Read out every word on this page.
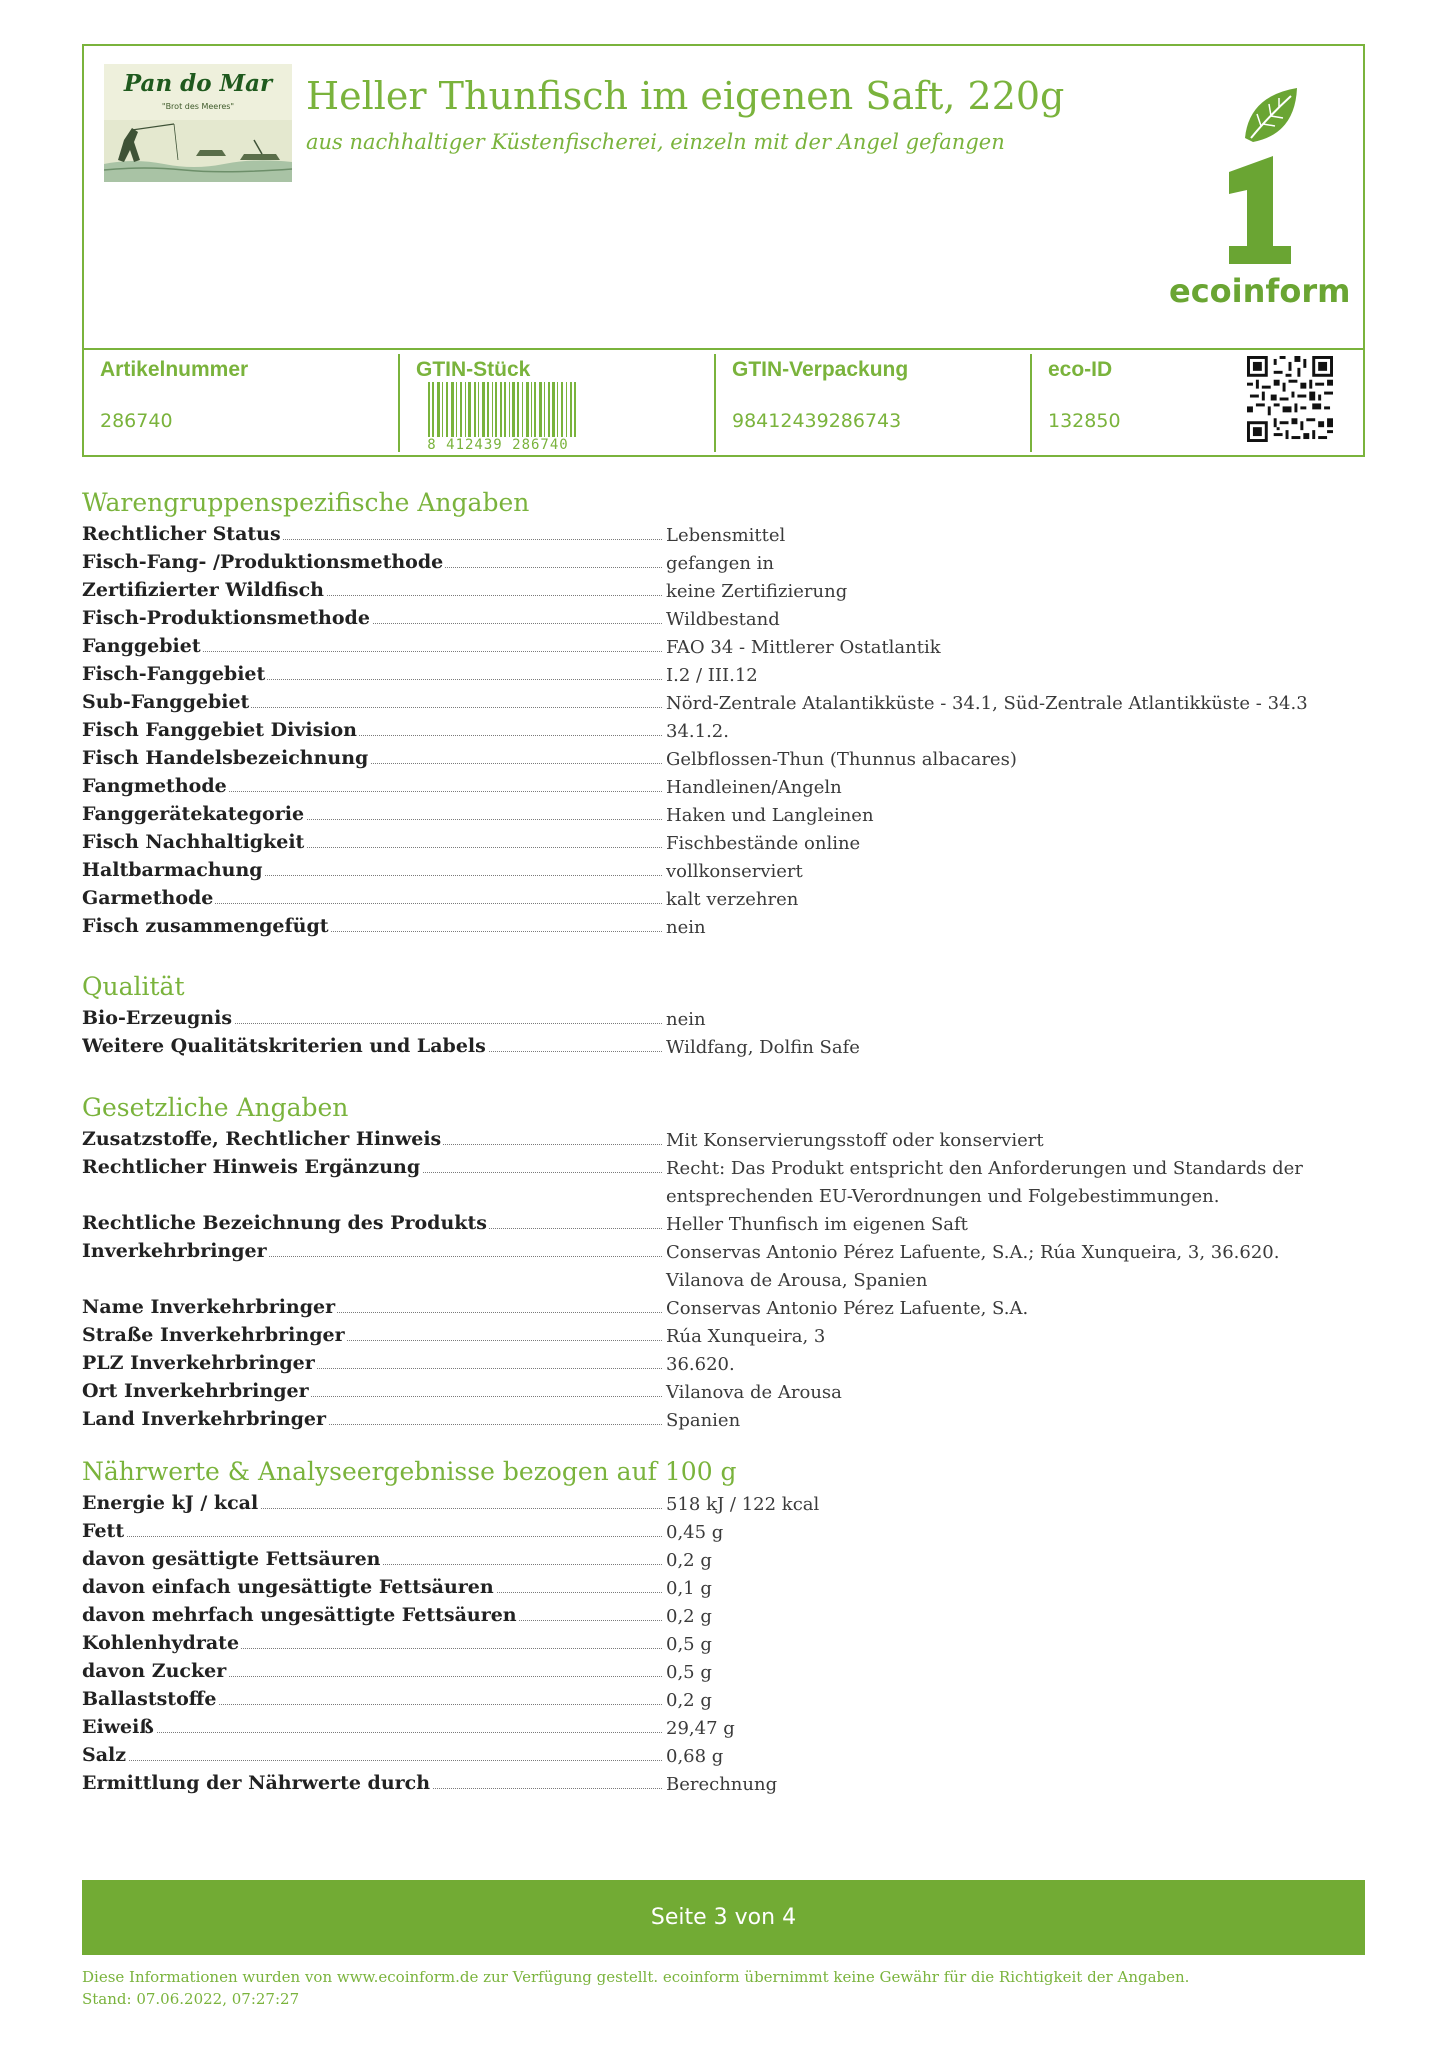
Pan do Mar
"Brot des Meeres"	Heller Thunfisch im eigenen Saft, 220g
aus nachhaltiger Küstenfischerei, einzeln mit der Angel gefangen
ecoinform
Artikelnummer
286740
GTIN-Stück
8 412439 286740
GTIN-Verpackung
98412439286743
eco-ID
132850
Warengruppenspezifische Angaben
Rechtlicher Status	Lebensmittel
Fisch-Fang- /Produktionsmethode	gefangen in
Zertifizierter Wildfisch	keine Zertifizierung
Fisch-Produktionsmethode	Wildbestand
Fanggebiet	FAO 34 - Mittlerer Ostatlantik
Fisch-Fanggebiet	I.2 / III.12
Sub-Fanggebiet	Nörd-Zentrale Atalantikküste - 34.1, Süd-Zentrale Atlantikküste - 34.3
Fisch Fanggebiet Division	34.1.2.
Fisch Handelsbezeichnung	Gelbflossen-Thun (Thunnus albacares)
Fangmethode	Handleinen/Angeln
Fanggerätekategorie	Haken und Langleinen
Fisch Nachhaltigkeit	Fischbestände online
Haltbarmachung	vollkonserviert
Garmethode	kalt verzehren
Fisch zusammengefügt	nein
Qualität
Bio-Erzeugnis	nein
Weitere Qualitätskriterien und Labels	Wildfang, Dolfin Safe
Gesetzliche Angaben
Zusatzstoffe, Rechtlicher Hinweis	Mit Konservierungsstoff oder konserviert
Rechtlicher Hinweis Ergänzung	Recht: Das Produkt entspricht den Anforderungen und Standards der entsprechenden EU-Verordnungen und Folgebestimmungen.
Rechtliche Bezeichnung des Produkts	Heller Thunfisch im eigenen Saft
Inverkehrbringer	Conservas Antonio Pérez Lafuente, S.A.; Rúa Xunqueira, 3, 36.620. Vilanova de Arousa, Spanien
Name Inverkehrbringer	Conservas Antonio Pérez Lafuente, S.A.
Straße Inverkehrbringer	Rúa Xunqueira, 3
PLZ Inverkehrbringer	36.620.
Ort Inverkehrbringer	Vilanova de Arousa
Land Inverkehrbringer	Spanien
Nährwerte & Analyseergebnisse bezogen auf 100 g
Energie kJ / kcal	518 kJ / 122 kcal
Fett	0,45 g
davon gesättigte Fettsäuren	0,2 g
davon einfach ungesättigte Fettsäuren	0,1 g
davon mehrfach ungesättigte Fettsäuren	0,2 g
Kohlenhydrate	0,5 g
davon Zucker	0,5 g
Ballaststoffe	0,2 g
Eiweiß	29,47 g
Salz	0,68 g
Ermittlung der Nährwerte durch	Berechnung
Seite 3 von 4
Diese Informationen wurden von www.ecoinform.de zur Verfügung gestellt. ecoinform übernimmt keine Gewähr für die Richtigkeit der Angaben.
Stand: 07.06.2022, 07:27:27
